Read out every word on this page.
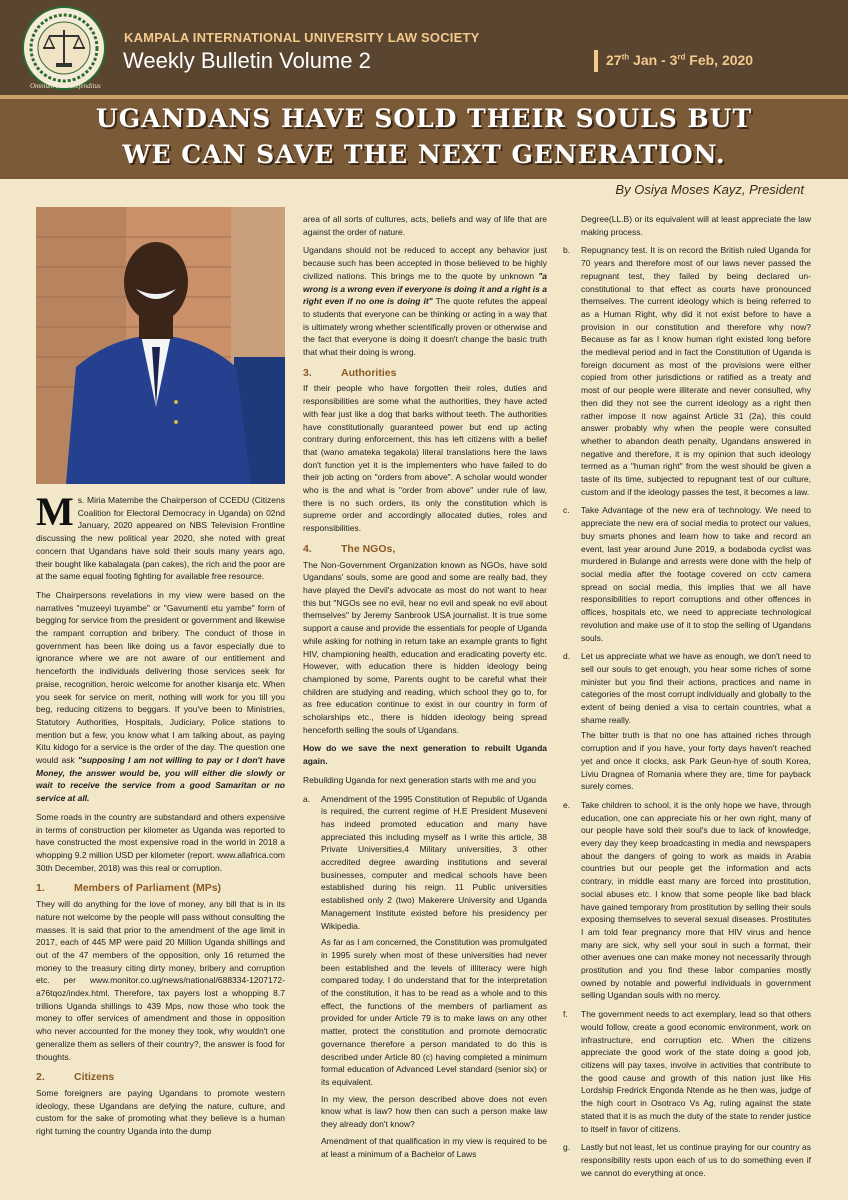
Omnium Jura Defenditus
KAMPALA INTERNATIONAL UNIVERSITY LAW SOCIETY
Weekly Bulletin Volume 2	27th Jan - 3rd Feb, 2020
UGANDANS HAVE SOLD THEIR SOULS BUT
WE CAN SAVE THE NEXT GENERATION.
By Osiya Moses Kayz, President

Ms. Miria Matembe the Chairperson of CCEDU (Citizens Coalition for Electoral Democracy in Uganda) on 02nd January, 2020 appeared on NBS Television Frontline discussing the new political year 2020, she noted with great concern that Ugandans have sold their souls many years ago, their bought like kabalagala (pan cakes), the rich and the poor are at the same equal footing fighting for available free resource.

The Chairpersons revelations in my view were based on the narratives "muzeeyi tuyambe" or "Gavumenti etu yambe" form of begging for service from the president or government and likewise the rampant corruption and bribery. The conduct of those in government has been like doing us a favor especially due to ignorance where we are not aware of our entitlement and henceforth the individuals delivering those services seek for praise, recognition, heroic welcome for another kisanja etc. When you seek for service on merit, nothing will work for you till you beg, reducing citizens to beggars. If you've been to Ministries, Statutory Authorities, Hospitals, Judiciary, Police stations to mention but a few, you know what I am talking about, as paying Kitu kidogo for a service is the order of the day. The question one would ask "supposing I am not willing to pay or I don't have Money, the answer would be, you will either die slowly or wait to receive the service from a good Samaritan or no service at all.

Some roads in the country are substandard and others expensive in terms of construction per kilometer as Uganda was reported to have constructed the most expensive road in the world in 2018 a whopping 9.2 million USD per kilometer (report. www.allafrica.com 30th December, 2018) was this real or corruption.

1.	Members of Parliament (MPs)

They will do anything for the love of money, any bill that is in its nature not welcome by the people will pass without consulting the masses. It is said that prior to the amendment of the age limit in 2017, each of 445 MP were paid 20 Million Uganda shillings and out of the 47 members of the opposition, only 16 returned the money to the treasury citing dirty money, bribery and corruption etc. per www.monitor.co.ug/news/national/688334-1207172-a76tqoz/index.html. Therefore, tax payers lost a whopping 8.7 trillions Uganda shillings to 439 Mps, now those who took the money to offer services of amendment and those in opposition who never accounted for the money they took, why wouldn't one generalize them as sellers of their country?, the answer is food for thoughts.

2.	Citizens

Some foreigners are paying Ugandans to promote western ideology, these Ugandans are defying the nature, culture, and custom for the sake of promoting what they believe is a human right turning the country Uganda into the dump

area of all sorts of cultures, acts, beliefs and way of life that are against the order of nature.

Ugandans should not be reduced to accept any behavior just because such has been accepted in those believed to be highly civilized nations. This brings me to the quote by unknown "a wrong is a wrong even if everyone is doing it and a right is a right even if no one is doing it" The quote refutes the appeal to students that everyone can be thinking or acting in a way that is ultimately wrong whether scientifically proven or otherwise and the fact that everyone is doing it doesn't change the basic truth that what their doing is wrong.

3.	Authorities

If their people who have forgotten their roles, duties and responsibilities are some what the authorities, they have acted with fear just like a dog that barks without teeth. The authorities have constitutionally guaranteed power but end up acting contrary during enforcement, this has left citizens with a belief that (wano amateka tegakola) literal translations here the laws don't function yet it is the implementers who have failed to do their job acting on "orders from above". A scholar would wonder who is the and what is "order from above" under rule of law, there is no such orders, its only the constitution which is supreme order and accordingly allocated duties, roles and responsibilities.

4.	The NGOs,

The Non-Government Organization known as NGOs, have sold Ugandans' souls, some are good and some are really bad, they have played the Devil's advocate as most do not want to hear this but "NGOs see no evil, hear no evil and speak no evil about themselves" by Jeremy Sanbrook USA journalist. It is true some support a cause and provide the essentials for people of Uganda while asking for nothing in return take an example grants to fight HIV, championing health, education and eradicating poverty etc. However, with education there is hidden ideology being championed by some, Parents ought to be careful what their children are studying and reading, which school they go to, for as free education continue to exist in our country in form of scholarships etc., there is hidden ideology being spread henceforth selling the souls of Ugandans.

How do we save the next generation to rebuilt Uganda again.

Rebuilding Uganda for next generation starts with me and you

a. Amendment of the 1995 Constitution of Republic of Uganda is required, the current regime of H.E President Museveni has indeed promoted education and many have appreciated this including myself as I write this article, 38 Private Universities,4 Military universities, 3 other accredited degree awarding institutions and several businesses, computer and medical schools have been established during his reign. 11 Public universities established only 2 (two) Makerere University and Uganda Management Institute existed before his presidency per Wikipedia.

As far as I am concerned, the Constitution was promulgated in 1995 surely when most of these universities had never been established and the levels of illiteracy were high compared today. I do understand that for the interpretation of the constitution, it has to be read as a whole and to this effect, the functions of the members of parliament as provided for under Article 79 is to make laws on any other matter, protect the constitution and promote democratic governance therefore a person mandated to do this is described under Article 80 (c) having completed a minimum formal education of Advanced Level standard (senior six) or its equivalent.

In my view, the person described above does not even know what is law? how then can such a person make law they already don't know?

Amendment of that qualification in my view is required to be at least a minimum of a Bachelor of Laws

Degree(LL.B) or its equivalent will at least appreciate the law making process.

b. Repugnancy test. It is on record the British ruled Uganda for 70 years and therefore most of our laws never passed the repugnant test, they failed by being declared un-constitutional to that effect as courts have pronounced themselves. The current ideology which is being referred to as a Human Right, why did it not exist before to have a provision in our constitution and therefore why now? Because as far as I know human right existed long before the medieval period and in fact the Constitution of Uganda is foreign document as most of the provisions were either copied from other jurisdictions or ratified as a treaty and most of our people were illiterate and never consulted, why then did they not see the current ideology as a right then rather impose it now against Article 31 (2a), this could answer probably why when the people were consulted whether to abandon death penalty, Ugandans answered in negative and therefore, it is my opinion that such ideology termed as a "human right" from the west should be given a taste of its time, subjected to repugnant test of our culture, custom and if the ideology passes the test, it becomes a law.

c. Take Advantage of the new era of technology. We need to appreciate the new era of social media to protect our values, buy smarts phones and learn how to take and record an event, last year around June 2019, a bodaboda cyclist was murdered in Bulange and arrests were done with the help of social media after the footage covered on cctv camera spread on social media, this implies that we all have responsibilities to report corruptions and other offences in offices, hospitals etc, we need to appreciate technological revolution and make use of it to stop the selling of Ugandans souls.

d. Let us appreciate what we have as enough, we don't need to sell our souls to get enough, you hear some riches of some minister but you find their actions, practices and name in categories of the most corrupt individually and globally to the extent of being denied a visa to certain countries, what a shame really.

The bitter truth is that no one has attained riches through corruption and if you have, your forty days haven't reached yet and once it clocks, ask Park Geun-hye of south Korea, Liviu Dragnea of Romania where they are, time for payback surely comes.

e. Take children to school, it is the only hope we have, through education, one can appreciate his or her own right, many of our people have sold their soul's due to lack of knowledge, every day they keep broadcasting in media and newspapers about the dangers of going to work as maids in Arabia countries but our people get the information and acts contrary, in middle east many are forced into prostitution, social abuses etc. I know that some people like bad black have gained temporary from prostitution by selling their souls exposing themselves to several sexual diseases. Prostitutes I am told fear pregnancy more that HIV virus and hence many are sick, why sell your soul in such a format, their other avenues one can make money not necessarily through prostitution and you find these labor companies mostly owned by notable and powerful individuals in government selling Ugandan souls with no mercy.

f. The government needs to act exemplary, lead so that others would follow, create a good economic environment, work on infrastructure, end corruption etc. When the citizens appreciate the good work of the state doing a good job, citizens will pay taxes, involve in activities that contribute to the good cause and growth of this nation just like His Lordship Fredrick Engonda Ntende as he then was, judge of the high court in Osotraco Vs Ag, ruling against the state stated that it is as much the duty of the state to render justice to itself in favor of citizens.

g. Lastly but not least, let us continue praying for our country as responsibility rests upon each of us to do something even if we cannot do everything at once.
